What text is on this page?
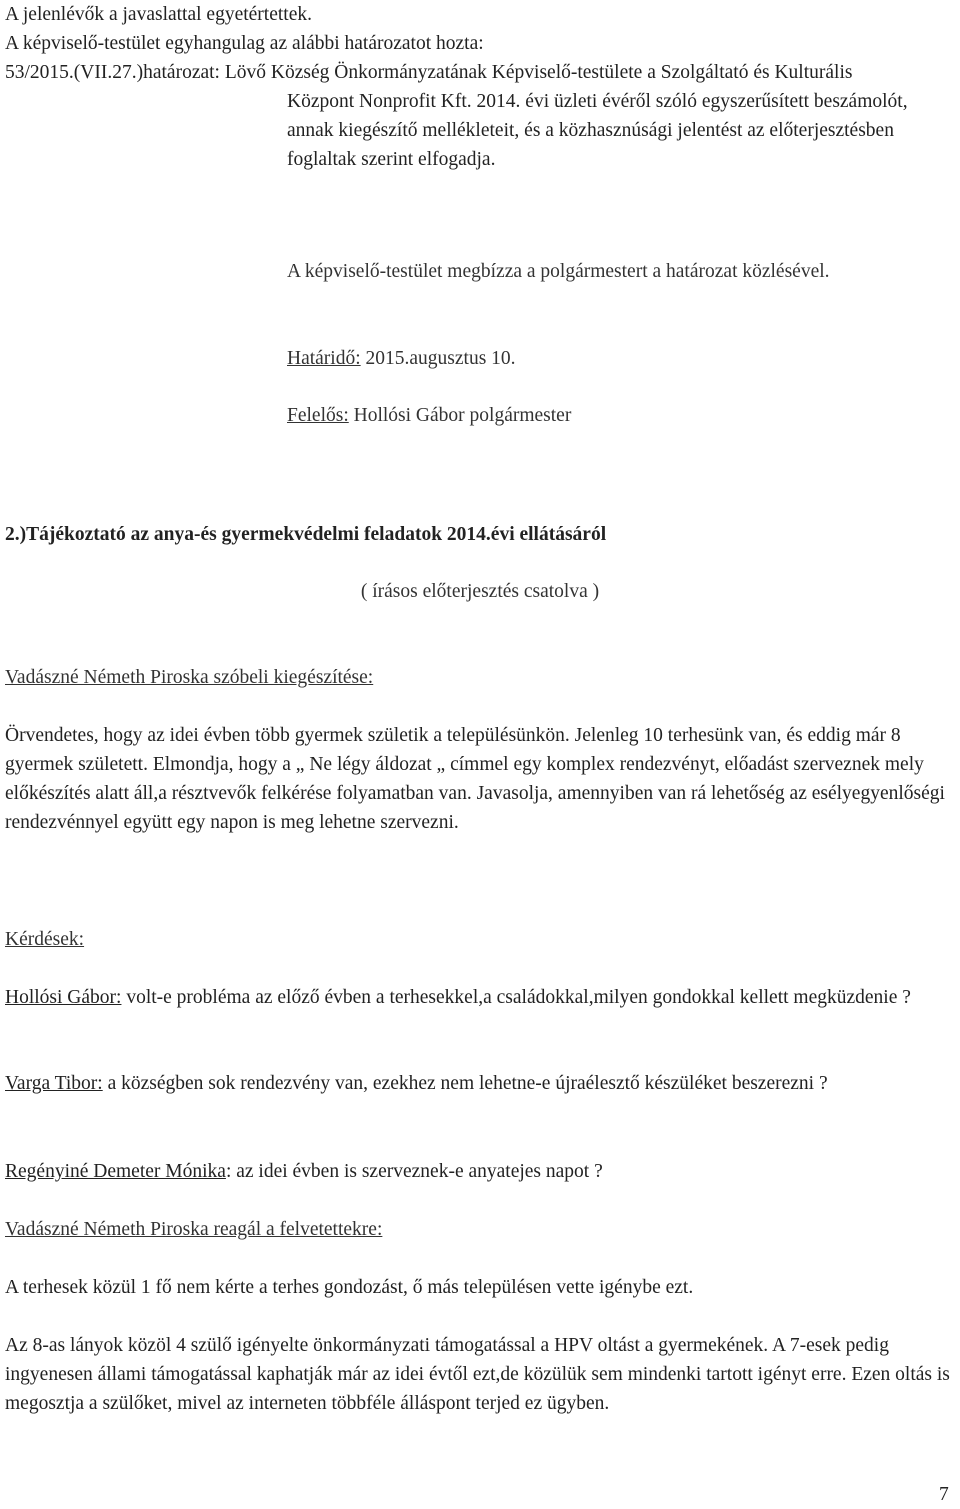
A jelenlévők a javaslattal egyetértettek.

A képviselő-testület egyhangulag az alábbi határozatot hozta:

53/2015.(VII.27.)határozat: Lövő Község Önkormányzatának Képviselő-testülete a Szolgáltató és Kulturális Központ Nonprofit Kft. 2014. évi üzleti évéről szóló egyszerűsített beszámolót, annak kiegészítő mellékleteit, és a közhasznúsági jelentést az előterjesztésben foglaltak szerint elfogadja.

A képviselő-testület megbízza a polgármestert a határozat közlésével.

Határidő: 2015.augusztus 10.

Felelős: Hollósi Gábor polgármester

2.)Tájékoztató az anya-és gyermekvédelmi feladatok 2014.évi ellátásáról

( írásos előterjesztés csatolva )

Vadászné Németh Piroska szóbeli kiegészítése:

Örvendetes, hogy az idei évben több gyermek születik a településünkön. Jelenleg 10 terhesünk van, és eddig már 8 gyermek született. Elmondja, hogy a „ Ne légy áldozat „ címmel egy komplex rendezvényt, előadást szerveznek mely előkészítés alatt áll,a résztvevők felkérése folyamatban van. Javasolja, amennyiben van rá lehetőség az esélyegyenlőségi rendezvénnyel együtt egy napon is meg lehetne szervezni.

Kérdések:

Hollósi Gábor: volt-e probléma az előző évben a terhesekkel,a családokkal,milyen gondokkal kellett megküzdenie ?

Varga Tibor: a községben sok rendezvény van, ezekhez nem lehetne-e újraélesztő készüléket beszerezni ?

Regényiné Demeter Mónika: az idei évben is szerveznek-e anyatejes napot ?

Vadászné Németh Piroska reagál a felvetettekre:

A terhesek közül 1 fő nem kérte a terhes gondozást, ő más településen vette igénybe ezt.

Az 8-as lányok közöl 4 szülő igényelte önkormányzati támogatással a HPV oltást a gyermekének. A 7-esek pedig ingyenesen állami támogatással kaphatják már az idei évtől ezt,de közülük sem mindenki tartott igényt erre. Ezen oltás is megosztja a szülőket, mivel az interneten többféle álláspont terjed ez ügyben.

7
